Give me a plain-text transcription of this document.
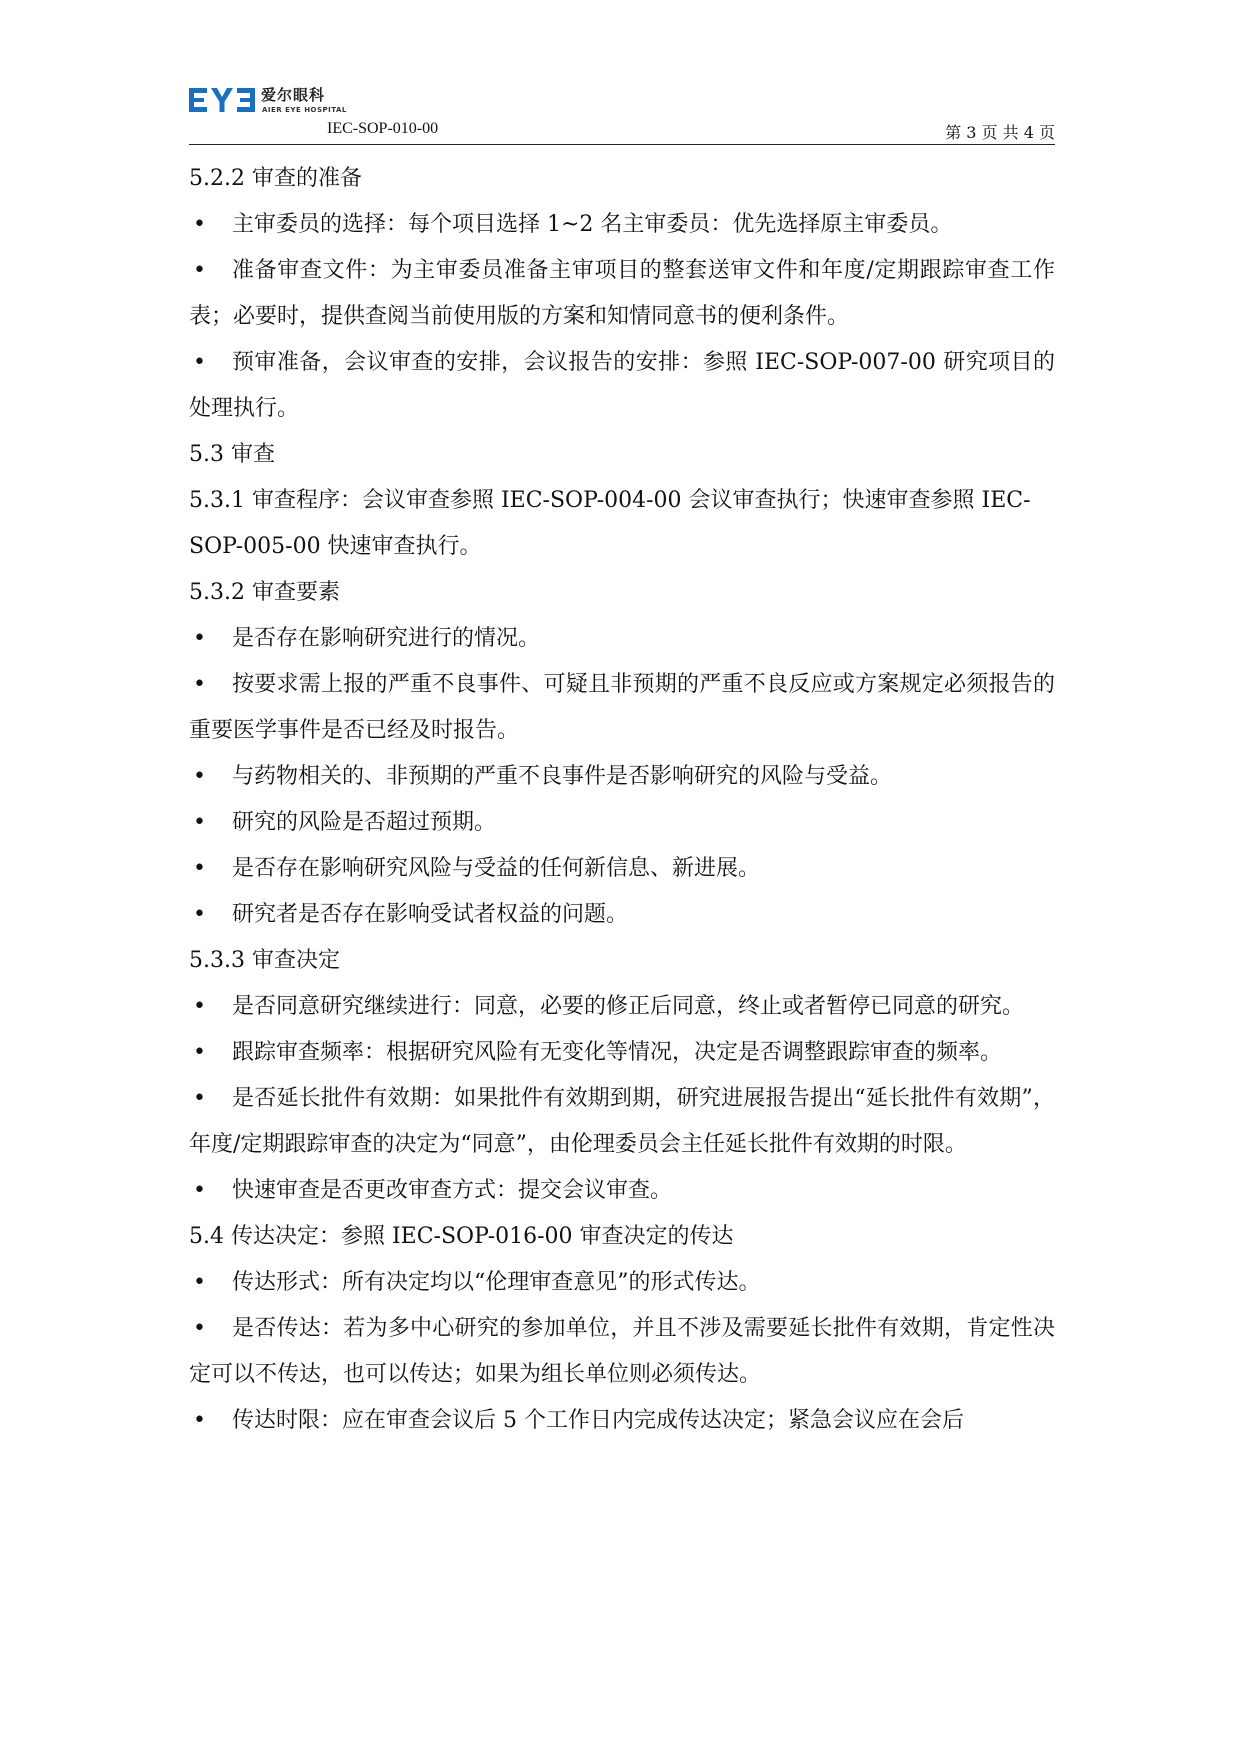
爱尔眼科
AIER EYE HOSPITAL
IEC-SOP-010-00	第 3 页 共 4 页

5.2.2 审查的准备

• 主审委员的选择：每个项目选择 1~2 名主审委员：优先选择原主审委员。

• 准备审查文件：为主审委员准备主审项目的整套送审文件和年度/定期跟踪审查工作表；必要时，提供查阅当前使用版的方案和知情同意书的便利条件。

• 预审准备，会议审查的安排，会议报告的安排：参照 IEC-SOP-007-00 研究项目的处理执行。

5.3 审查

5.3.1 审查程序：会议审查参照 IEC-SOP-004-00 会议审查执行；快速审查参照 IEC-SOP-005-00 快速审查执行。

5.3.2 审查要素

• 是否存在影响研究进行的情况。

• 按要求需上报的严重不良事件、可疑且非预期的严重不良反应或方案规定必须报告的重要医学事件是否已经及时报告。

• 与药物相关的、非预期的严重不良事件是否影响研究的风险与受益。

• 研究的风险是否超过预期。

• 是否存在影响研究风险与受益的任何新信息、新进展。

• 研究者是否存在影响受试者权益的问题。

5.3.3 审查决定

• 是否同意研究继续进行：同意，必要的修正后同意，终止或者暂停已同意的研究。

• 跟踪审查频率：根据研究风险有无变化等情况，决定是否调整跟踪审查的频率。

• 是否延长批件有效期：如果批件有效期到期，研究进展报告提出“延长批件有效期”，年度/定期跟踪审查的决定为“同意”，由伦理委员会主任延长批件有效期的时限。

• 快速审查是否更改审查方式：提交会议审查。

5.4 传达决定：参照 IEC-SOP-016-00 审查决定的传达

• 传达形式：所有决定均以“伦理审查意见”的形式传达。

• 是否传达：若为多中心研究的参加单位，并且不涉及需要延长批件有效期，肯定性决定可以不传达，也可以传达；如果为组长单位则必须传达。

• 传达时限：应在审查会议后 5 个工作日内完成传达决定；紧急会议应在会后
